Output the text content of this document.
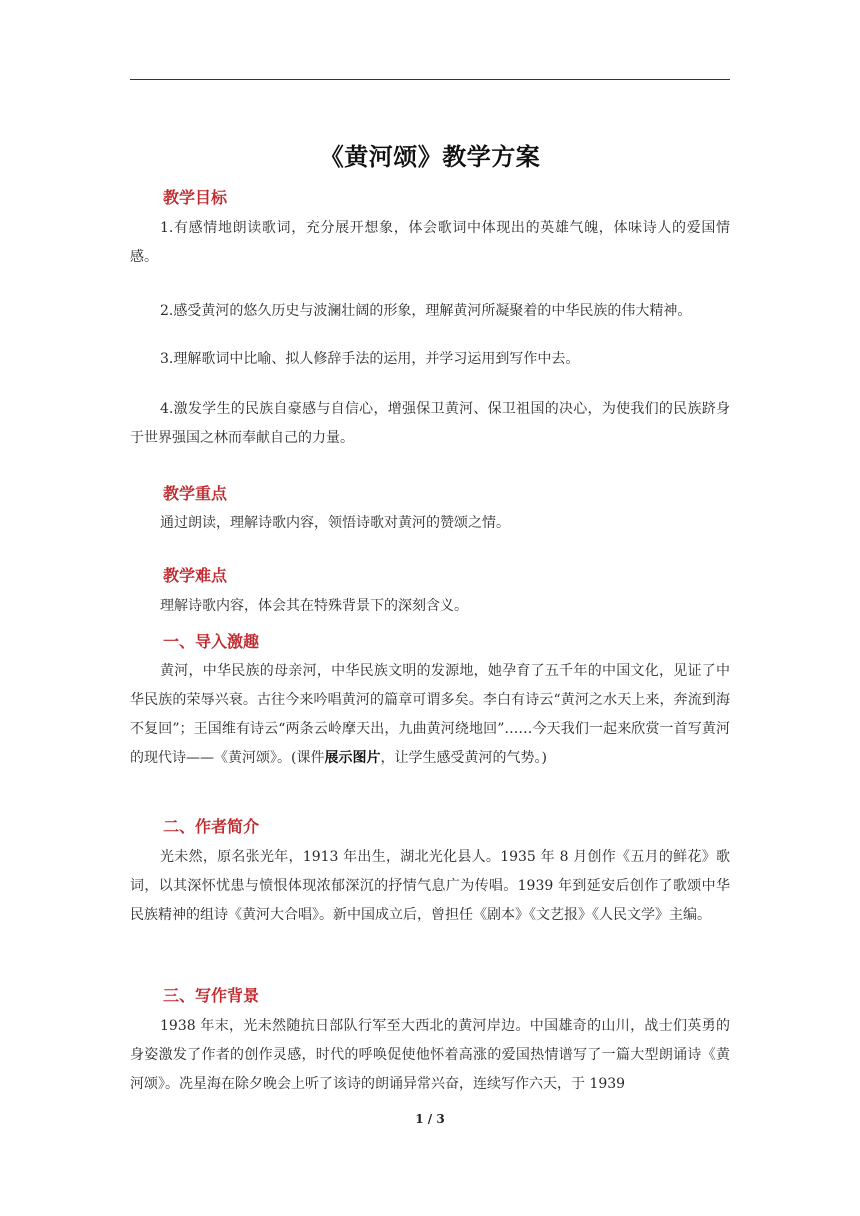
《黄河颂》教学方案
教学目标
1.有感情地朗读歌词，充分展开想象，体会歌词中体现出的英雄气魄，体味诗人的爱国情感。
2.感受黄河的悠久历史与波澜壮阔的形象，理解黄河所凝聚着的中华民族的伟大精神。
3.理解歌词中比喻、拟人修辞手法的运用，并学习运用到写作中去。
4.激发学生的民族自豪感与自信心，增强保卫黄河、保卫祖国的决心，为使我们的民族跻身于世界强国之林而奉献自己的力量。
教学重点
通过朗读，理解诗歌内容，领悟诗歌对黄河的赞颂之情。
教学难点
理解诗歌内容，体会其在特殊背景下的深刻含义。
一、导入激趣
黄河，中华民族的母亲河，中华民族文明的发源地，她孕育了五千年的中国文化，见证了中华民族的荣辱兴衰。古往今来吟唱黄河的篇章可谓多矣。李白有诗云“黄河之水天上来，奔流到海不复回”；王国维有诗云“两条云岭摩天出，九曲黄河绕地回”……今天我们一起来欣赏一首写黄河的现代诗——《黄河颂》。(课件展示图片，让学生感受黄河的气势。)
二、作者简介
光未然，原名张光年，1913 年出生，湖北光化县人。1935 年 8 月创作《五月的鲜花》歌词，以其深怀忧患与愤恨体现浓郁深沉的抒情气息广为传唱。1939 年到延安后创作了歌颂中华民族精神的组诗《黄河大合唱》。新中国成立后，曾担任《剧本》《文艺报》《人民文学》主编。
三、写作背景
1938 年末，光未然随抗日部队行军至大西北的黄河岸边。中国雄奇的山川，战士们英勇的身姿激发了作者的创作灵感，时代的呼唤促使他怀着高涨的爱国热情谱写了一篇大型朗诵诗《黄河颂》。冼星海在除夕晚会上听了该诗的朗诵异常兴奋，连续写作六天，于 1939
1 / 3
